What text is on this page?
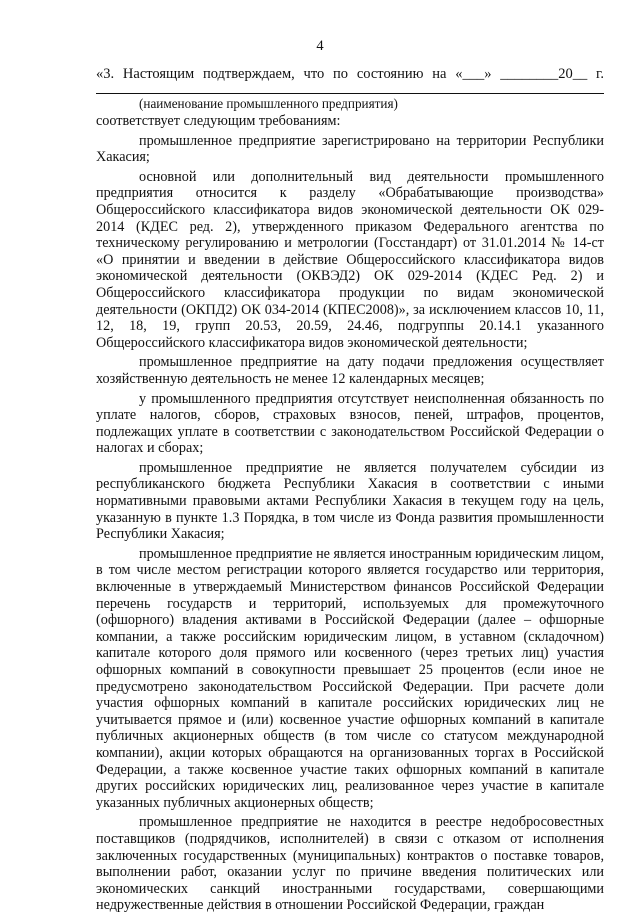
4
«3. Настоящим подтверждаем, что по состоянию на «___» ________20__ г.
(наименование промышленного предприятия)

соответствует следующим требованиям:

промышленное предприятие зарегистрировано на территории Республики Хакасия;

основной или дополнительный вид деятельности промышленного предприятия относится к разделу «Обрабатывающие производства» Общероссийского классификатора видов экономической деятельности ОК 029-2014 (КДЕС ред. 2), утвержденного приказом Федерального агентства по техническому регулированию и метрологии (Госстандарт) от 31.01.2014 № 14-ст «О принятии и введении в действие Общероссийского классификатора видов экономической деятельности (ОКВЭД2) ОК 029-2014 (КДЕС Ред. 2) и Общероссийского классификатора продукции по видам экономической деятельности (ОКПД2) ОК 034-2014 (КПЕС2008)», за исключением классов 10, 11, 12, 18, 19, групп 20.53, 20.59, 24.46, подгруппы 20.14.1 указанного Общероссийского классификатора видов экономической деятельности;

промышленное предприятие на дату подачи предложения осуществляет хозяйственную деятельность не менее 12 календарных месяцев;

у промышленного предприятия отсутствует неисполненная обязанность по уплате налогов, сборов, страховых взносов, пеней, штрафов, процентов, подлежащих уплате в соответствии с законодательством Российской Федерации о налогах и сборах;

промышленное предприятие не является получателем субсидии из республиканского бюджета Республики Хакасия в соответствии с иными нормативными правовыми актами Республики Хакасия в текущем году на цель, указанную в пункте 1.3 Порядка, в том числе из Фонда развития промышленности Республики Хакасия;

промышленное предприятие не является иностранным юридическим лицом, в том числе местом регистрации которого является государство или территория, включенные в утверждаемый Министерством финансов Российской Федерации перечень государств и территорий, используемых для промежуточного (офшорного) владения активами в Российской Федерации (далее – офшорные компании, а также российским юридическим лицом, в уставном (складочном) капитале которого доля прямого или косвенного (через третьих лиц) участия офшорных компаний в совокупности превышает 25 процентов (если иное не предусмотрено законодательством Российской Федерации. При расчете доли участия офшорных компаний в капитале российских юридических лиц не учитывается прямое и (или) косвенное участие офшорных компаний в капитале публичных акционерных обществ (в том числе со статусом международной компании), акции которых обращаются на организованных торгах в Российской Федерации, а также косвенное участие таких офшорных компаний в капитале других российских юридических лиц, реализованное через участие в капитале указанных публичных акционерных обществ;

промышленное предприятие не находится в реестре недобросовестных поставщиков (подрядчиков, исполнителей) в связи с отказом от исполнения заключенных государственных (муниципальных) контрактов о поставке товаров, выполнении работ, оказании услуг по причине введения политических или экономических санкций иностранными государствами, совершающими недружественные действия в отношении Российской Федерации, граждан
